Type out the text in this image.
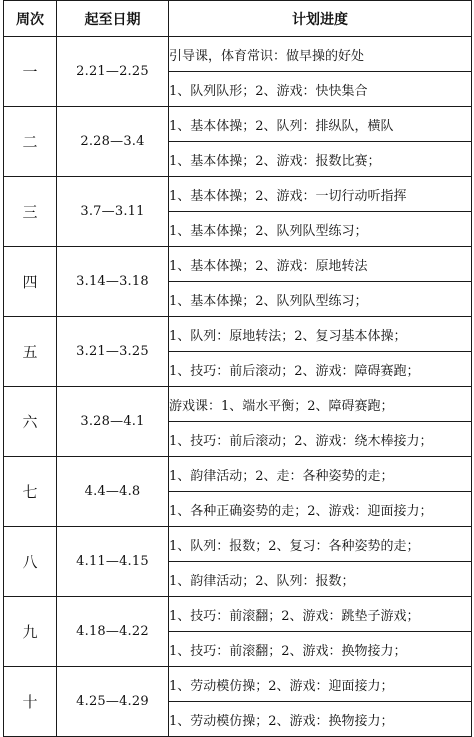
周次	起至日期	计划进度
一	2.21—2.25	引导课，体育常识：做早操的好处
		1、队列队形；2、游戏：快快集合
二	2.28—3.4	1、基本体操；2、队列：排纵队，横队
		1、基本体操；2、游戏：报数比赛；
三	3.7—3.11	1、基本体操；2、游戏：一切行动听指挥
		1、基本体操；2、队列队型练习；
四	3.14—3.18	1、基本体操；2、游戏：原地转法
		1、基本体操；2、队列队型练习；
五	3.21—3.25	1、队列：原地转法；2、复习基本体操；
		1、技巧：前后滚动；2、游戏：障碍赛跑；
六	3.28—4.1	游戏课：1、端水平衡；2、障碍赛跑；
		1、技巧：前后滚动；2、游戏：绕木棒接力；
七	4.4—4.8	1、韵律活动；2、走：各种姿势的走；
		1、各种正确姿势的走；2、游戏：迎面接力；
八	4.11—4.15	1、队列：报数；2、复习：各种姿势的走；
		1、韵律活动；2、队列：报数；
九	4.18—4.22	1、技巧：前滚翻；2、游戏：跳垫子游戏；
		1、技巧：前滚翻；2、游戏：换物接力；
十	4.25—4.29	1、劳动模仿操；2、游戏：迎面接力；
		1、劳动模仿操；2、游戏：换物接力；
